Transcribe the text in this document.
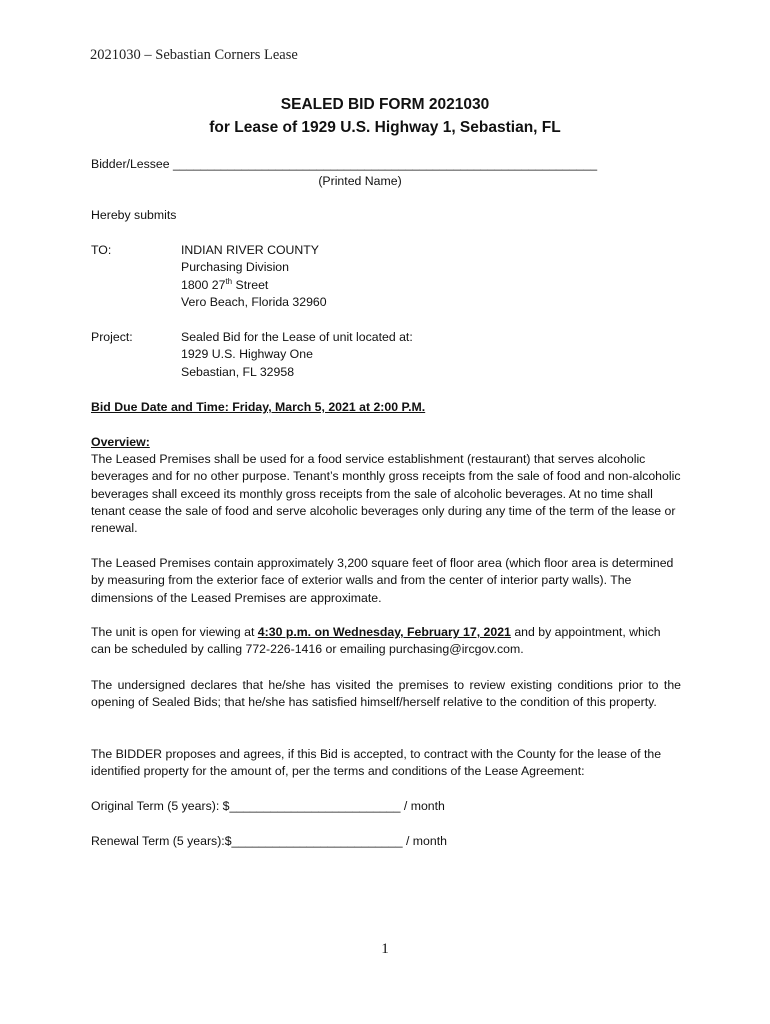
2021030 – Sebastian Corners Lease
SEALED BID FORM 2021030
for Lease of 1929 U.S. Highway 1, Sebastian, FL
Bidder/Lessee ______________________________________________________________
(Printed Name)
Hereby submits
TO:	INDIAN RIVER COUNTY
Purchasing Division
1800 27th Street
Vero Beach, Florida 32960
Project:	Sealed Bid for the Lease of unit located at:
1929 U.S. Highway One
Sebastian, FL 32958
Bid Due Date and Time: Friday, March 5, 2021 at 2:00 P.M.
Overview:
The Leased Premises shall be used for a food service establishment (restaurant) that serves alcoholic beverages and for no other purpose. Tenant’s monthly gross receipts from the sale of food and non-alcoholic beverages shall exceed its monthly gross receipts from the sale of alcoholic beverages. At no time shall tenant cease the sale of food and serve alcoholic beverages only during any time of the term of the lease or renewal.
The Leased Premises contain approximately 3,200 square feet of floor area (which floor area is determined by measuring from the exterior face of exterior walls and from the center of interior party walls). The dimensions of the Leased Premises are approximate.
The unit is open for viewing at 4:30 p.m. on Wednesday, February 17, 2021 and by appointment, which can be scheduled by calling 772-226-1416 or emailing purchasing@ircgov.com.
The undersigned declares that he/she has visited the premises to review existing conditions prior to the opening of Sealed Bids; that he/she has satisfied himself/herself relative to the condition of this property.
The BIDDER proposes and agrees, if this Bid is accepted, to contract with the County for the lease of the identified property for the amount of, per the terms and conditions of the Lease Agreement:
Original Term (5 years): $_________________________ / month
Renewal Term (5 years):$_________________________ / month
1
